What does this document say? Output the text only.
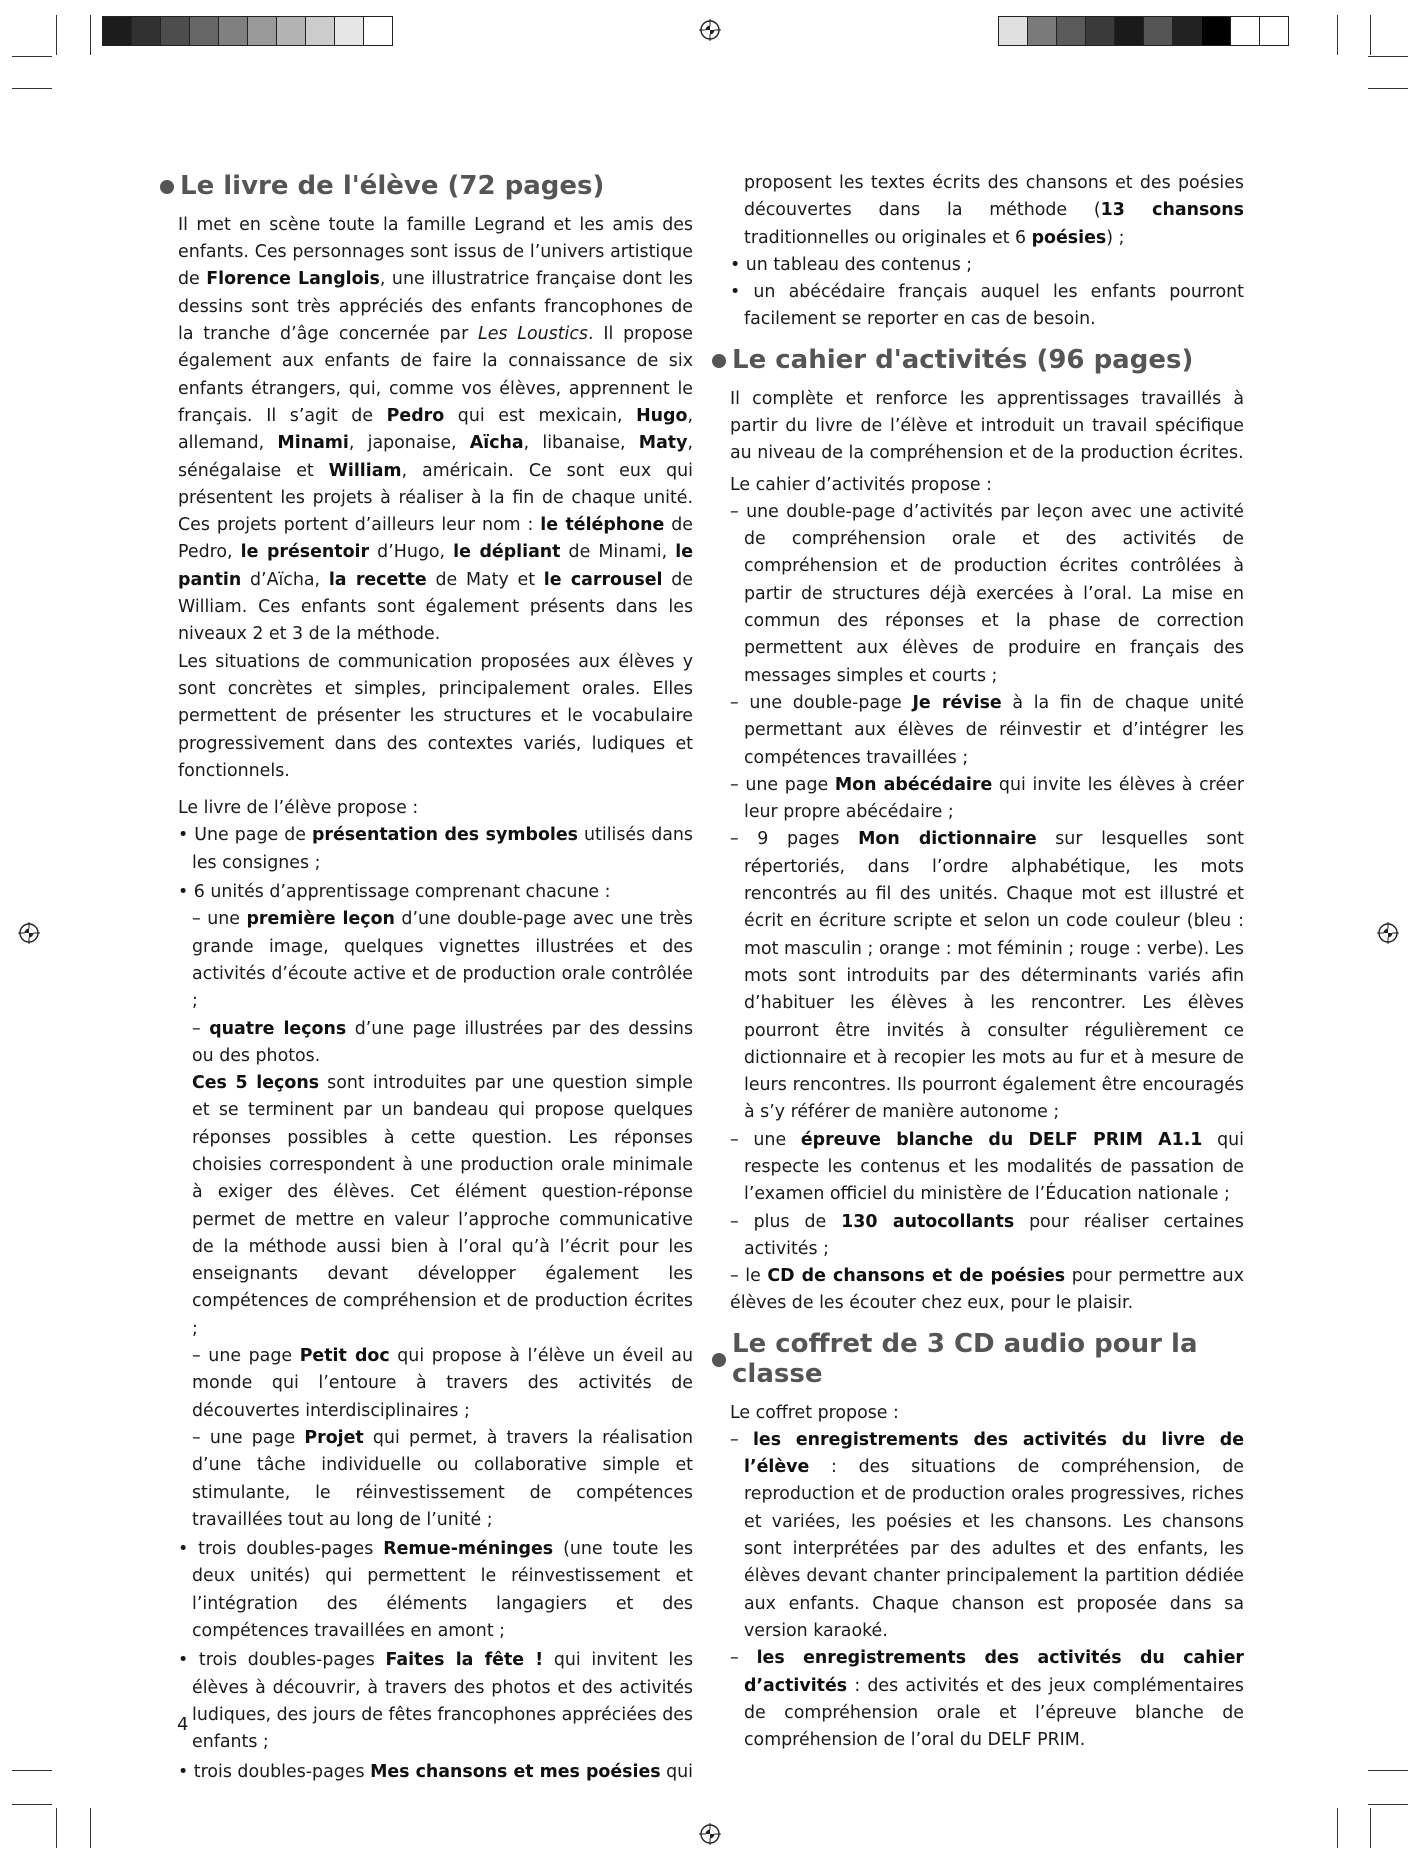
Le livre de l'élève (72 pages)

Il met en scène toute la famille Legrand et les amis des enfants. Ces personnages sont issus de l’univers artistique de Florence Langlois, une illustratrice française dont les dessins sont très appréciés des enfants francophones de la tranche d’âge concernée par Les Loustics. Il propose également aux enfants de faire la connaissance de six enfants étrangers, qui, comme vos élèves, apprennent le français. Il s’agit de Pedro qui est mexicain, Hugo, allemand, Minami, japonaise, Aïcha, libanaise, Maty, sénégalaise et William, américain. Ce sont eux qui présentent les projets à réaliser à la fin de chaque unité. Ces projets portent d’ailleurs leur nom : le téléphone de Pedro, le présentoir d’Hugo, le dépliant de Minami, le pantin d’Aïcha, la recette de Maty et le carrousel de William. Ces enfants sont également présents dans les niveaux 2 et 3 de la méthode.

Les situations de communication proposées aux élèves y sont concrètes et simples, principalement orales. Elles permettent de présenter les structures et le vocabulaire progressivement dans des contextes variés, ludiques et fonctionnels.

Le livre de l’élève propose :

• Une page de présentation des symboles utilisés dans les consignes ;

• 6 unités d’apprentissage comprenant chacune :

– une première leçon d’une double-page avec une très grande image, quelques vignettes illustrées et des activités d’écoute active et de production orale contrôlée ;

– quatre leçons d’une page illustrées par des dessins ou des photos.

Ces 5 leçons sont introduites par une question simple et se terminent par un bandeau qui propose quelques réponses possibles à cette question. Les réponses choisies correspondent à une production orale minimale à exiger des élèves. Cet élément question-réponse permet de mettre en valeur l’approche communicative de la méthode aussi bien à l’oral qu’à l’écrit pour les enseignants devant développer également les compétences de compréhension et de production écrites ;

– une page Petit doc qui propose à l’élève un éveil au monde qui l’entoure à travers des activités de découvertes interdisciplinaires ;

– une page Projet qui permet, à travers la réalisation d’une tâche individuelle ou collaborative simple et stimulante, le réinvestissement de compétences travaillées tout au long de l’unité ;

• trois doubles-pages Remue-méninges (une toute les deux unités) qui permettent le réinvestissement et l’intégration des éléments langagiers et des compétences travaillées en amont ;

• trois doubles-pages Faites la fête ! qui invitent les élèves à découvrir, à travers des photos et des activités ludiques, des jours de fêtes francophones appréciées des enfants ;

• trois doubles-pages Mes chansons et mes poésies qui

proposent les textes écrits des chansons et des poésies découvertes dans la méthode (13 chansons traditionnelles ou originales et 6 poésies) ;

• un tableau des contenus ;

• un abécédaire français auquel les enfants pourront facilement se reporter en cas de besoin.

Le cahier d'activités (96 pages)

Il complète et renforce les apprentissages travaillés à partir du livre de l’élève et introduit un travail spécifique au niveau de la compréhension et de la production écrites.

Le cahier d’activités propose :

– une double-page d’activités par leçon avec une activité de compréhension orale et des activités de compréhension et de production écrites contrôlées à partir de structures déjà exercées à l’oral. La mise en commun des réponses et la phase de correction permettent aux élèves de produire en français des messages simples et courts ;

– une double-page Je révise à la fin de chaque unité permettant aux élèves de réinvestir et d’intégrer les compétences travaillées ;

– une page Mon abécédaire qui invite les élèves à créer leur propre abécédaire ;

– 9 pages Mon dictionnaire sur lesquelles sont répertoriés, dans l’ordre alphabétique, les mots rencontrés au fil des unités. Chaque mot est illustré et écrit en écriture scripte et selon un code couleur (bleu : mot masculin ; orange : mot féminin ; rouge : verbe). Les mots sont introduits par des déterminants variés afin d’habituer les élèves à les rencontrer. Les élèves pourront être invités à consulter régulièrement ce dictionnaire et à recopier les mots au fur et à mesure de leurs rencontres. Ils pourront également être encouragés à s’y référer de manière autonome ;

– une épreuve blanche du DELF PRIM A1.1 qui respecte les contenus et les modalités de passation de l’examen officiel du ministère de l’Éducation nationale ;

– plus de 130 autocollants pour réaliser certaines activités ;

– le CD de chansons et de poésies pour permettre aux élèves de les écouter chez eux, pour le plaisir.

Le coffret de 3 CD audio pour la classe

Le coffret propose :

– les enregistrements des activités du livre de l’élève : des situations de compréhension, de reproduction et de production orales progressives, riches et variées, les poésies et les chansons. Les chansons sont interprétées par des adultes et des enfants, les élèves devant chanter principalement la partition dédiée aux enfants. Chaque chanson est proposée dans sa version karaoké.

– les enregistrements des activités du cahier d’activités : des activités et des jeux complémentaires de compréhension orale et l’épreuve blanche de compréhension de l’oral du DELF PRIM.

4
